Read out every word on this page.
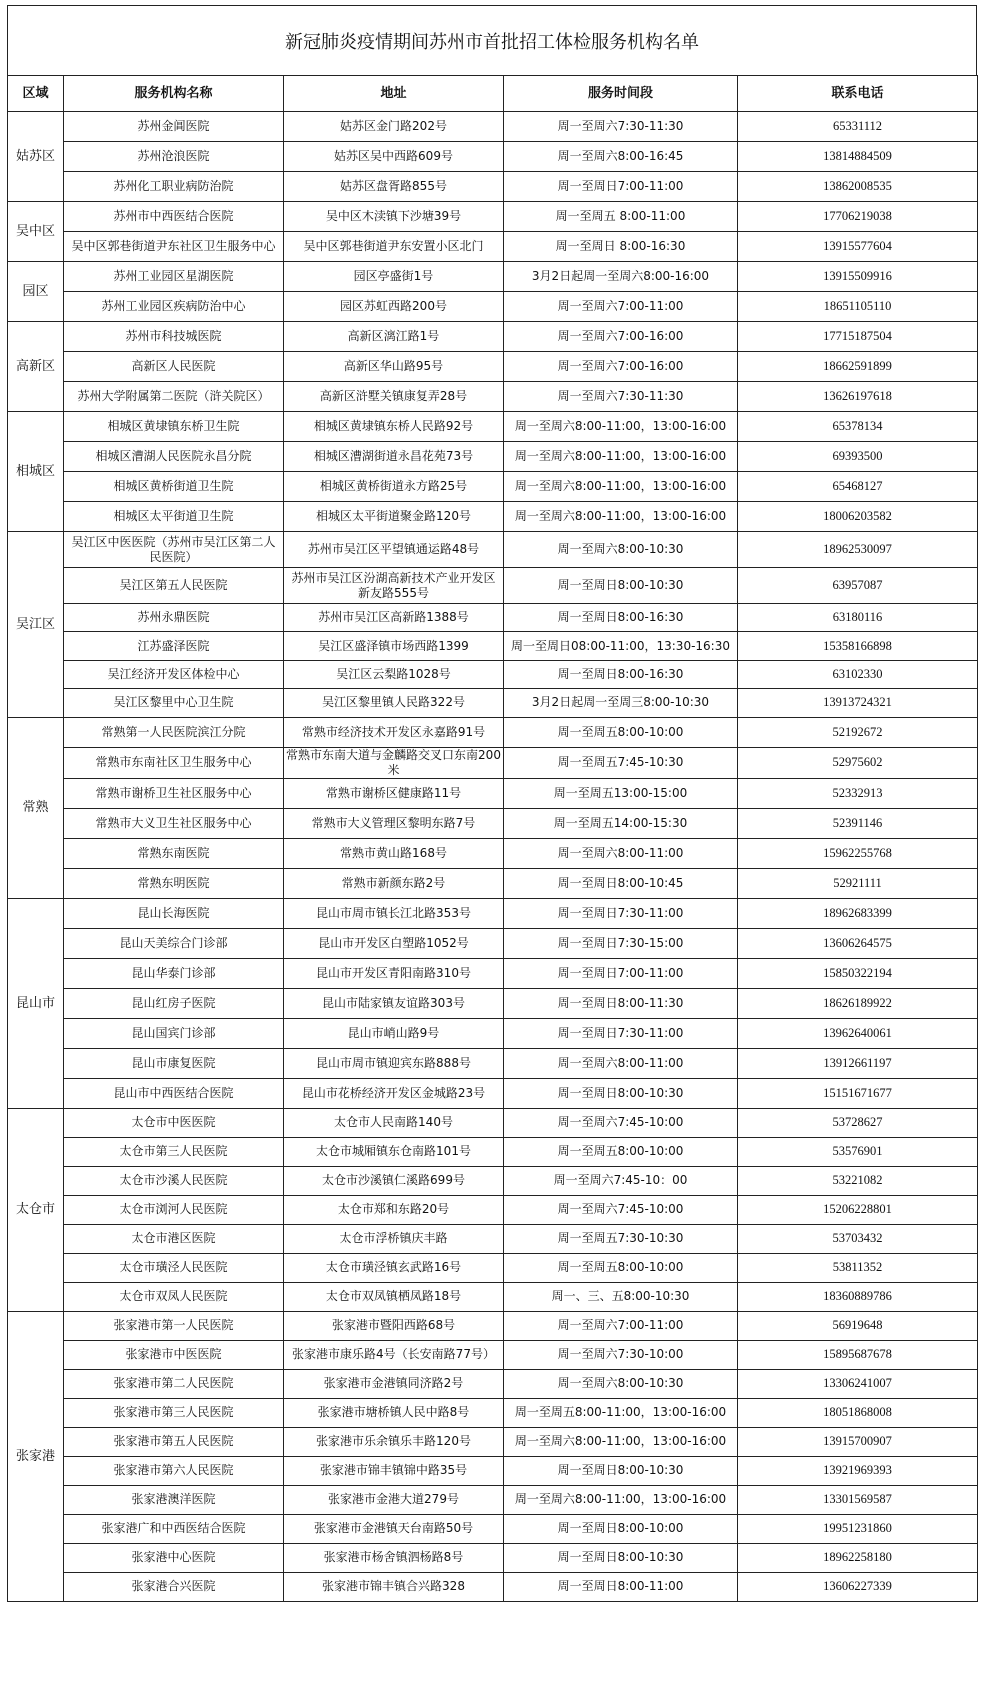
新冠肺炎疫情期间苏州市首批招工体检服务机构名单
区域	服务机构名称	地址	服务时间段	联系电话
姑苏区	苏州金阊医院	姑苏区金门路202号	周一至周六7:30-11:30	65331112
	苏州沧浪医院	姑苏区吴中西路609号	周一至周六8:00-16:45	13814884509
	苏州化工职业病防治院	姑苏区盘胥路855号	周一至周日7:00-11:00	13862008535
吴中区	苏州市中西医结合医院	吴中区木渎镇下沙塘39号	周一至周五 8:00-11:00	17706219038
	吴中区郭巷街道尹东社区卫生服务中心	吴中区郭巷街道尹东安置小区北门	周一至周日 8:00-16:30	13915577604
园区	苏州工业园区星湖医院	园区亭盛街1号	3月2日起周一至周六8:00-16:00	13915509916
	苏州工业园区疾病防治中心	园区苏虹西路200号	周一至周六7:00-11:00	18651105110
高新区	苏州市科技城医院	高新区漓江路1号	周一至周六7:00-16:00	17715187504
	高新区人民医院	高新区华山路95号	周一至周六7:00-16:00	18662591899
	苏州大学附属第二医院（浒关院区）	高新区浒墅关镇康复弄28号	周一至周六7:30-11:30	13626197618
相城区	相城区黄埭镇东桥卫生院	相城区黄埭镇东桥人民路92号	周一至周六8:00-11:00，13:00-16:00	65378134
	相城区漕湖人民医院永昌分院	相城区漕湖街道永昌花苑73号	周一至周六8:00-11:00，13:00-16:00	69393500
	相城区黄桥街道卫生院	相城区黄桥街道永方路25号	周一至周六8:00-11:00，13:00-16:00	65468127
	相城区太平街道卫生院	相城区太平街道聚金路120号	周一至周六8:00-11:00，13:00-16:00	18006203582
吴江区	吴江区中医医院（苏州市吴江区第二人民医院）	苏州市吴江区平望镇通运路48号	周一至周六8:00-10:30	18962530097
	吴江区第五人民医院	苏州市吴江区汾湖高新技术产业开发区新友路555号	周一至周日8:00-10:30	63957087
	苏州永鼎医院	苏州市吴江区高新路1388号	周一至周日8:00-16:30	63180116
	江苏盛泽医院	吴江区盛泽镇市场西路1399	周一至周日08:00-11:00，13:30-16:30	15358166898
	吴江经济开发区体检中心	吴江区云梨路1028号	周一至周日8:00-16:30	63102330
	吴江区黎里中心卫生院	吴江区黎里镇人民路322号	3月2日起周一至周三8:00-10:30	13913724321
常熟	常熟第一人民医院滨江分院	常熟市经济技术开发区永嘉路91号	周一至周五8:00-10:00	52192672
	常熟市东南社区卫生服务中心	常熟市东南大道与金麟路交叉口东南200米	周一至周五7:45-10:30	52975602
	常熟市谢桥卫生社区服务中心	常熟市谢桥区健康路11号	周一至周五13:00-15:00	52332913
	常熟市大义卫生社区服务中心	常熟市大义管理区黎明东路7号	周一至周五14:00-15:30	52391146
	常熟东南医院	常熟市黄山路168号	周一至周六8:00-11:00	15962255768
	常熟东明医院	常熟市新颜东路2号	周一至周日8:00-10:45	52921111
昆山市	昆山长海医院	昆山市周市镇长江北路353号	周一至周日7:30-11:00	18962683399
	昆山天美综合门诊部	昆山市开发区白塑路1052号	周一至周日7:30-15:00	13606264575
	昆山华泰门诊部	昆山市开发区青阳南路310号	周一至周日7:00-11:00	15850322194
	昆山红房子医院	昆山市陆家镇友谊路303号	周一至周日8:00-11:30	18626189922
	昆山国宾门诊部	昆山市峭山路9号	周一至周日7:30-11:00	13962640061
	昆山市康复医院	昆山市周市镇迎宾东路888号	周一至周六8:00-11:00	13912661197
	昆山市中西医结合医院	昆山市花桥经济开发区金城路23号	周一至周日8:00-10:30	15151671677
太仓市	太仓市中医医院	太仓市人民南路140号	周一至周六7:45-10:00	53728627
	太仓市第三人民医院	太仓市城厢镇东仓南路101号	周一至周五8:00-10:00	53576901
	太仓市沙溪人民医院	太仓市沙溪镇仁溪路699号	周一至周六7:45-10：00	53221082
	太仓市浏河人民医院	太仓市郑和东路20号	周一至周六7:45-10:00	15206228801
	太仓市港区医院	太仓市浮桥镇庆丰路	周一至周五7:30-10:30	53703432
	太仓市璜泾人民医院	太仓市璜泾镇玄武路16号	周一至周五8:00-10:00	53811352
	太仓市双凤人民医院	太仓市双凤镇栖凤路18号	周一、三、五8:00-10:30	18360889786
张家港	张家港市第一人民医院	张家港市暨阳西路68号	周一至周六7:00-11:00	56919648
	张家港市中医医院	张家港市康乐路4号（长安南路77号）	周一至周六7:30-10:00	15895687678
	张家港市第二人民医院	张家港市金港镇同济路2号	周一至周六8:00-10:30	13306241007
	张家港市第三人民医院	张家港市塘桥镇人民中路8号	周一至周五8:00-11:00，13:00-16:00	18051868008
	张家港市第五人民医院	张家港市乐余镇乐丰路120号	周一至周六8:00-11:00，13:00-16:00	13915700907
	张家港市第六人民医院	张家港市锦丰镇锦中路35号	周一至周日8:00-10:30	13921969393
	张家港澳洋医院	张家港市金港大道279号	周一至周六8:00-11:00，13:00-16:00	13301569587
	张家港广和中西医结合医院	张家港市金港镇天台南路50号	周一至周日8:00-10:00	19951231860
	张家港中心医院	张家港市杨舍镇泗杨路8号	周一至周日8:00-10:30	18962258180
	张家港合兴医院	张家港市锦丰镇合兴路328	周一至周日8:00-11:00	13606227339
